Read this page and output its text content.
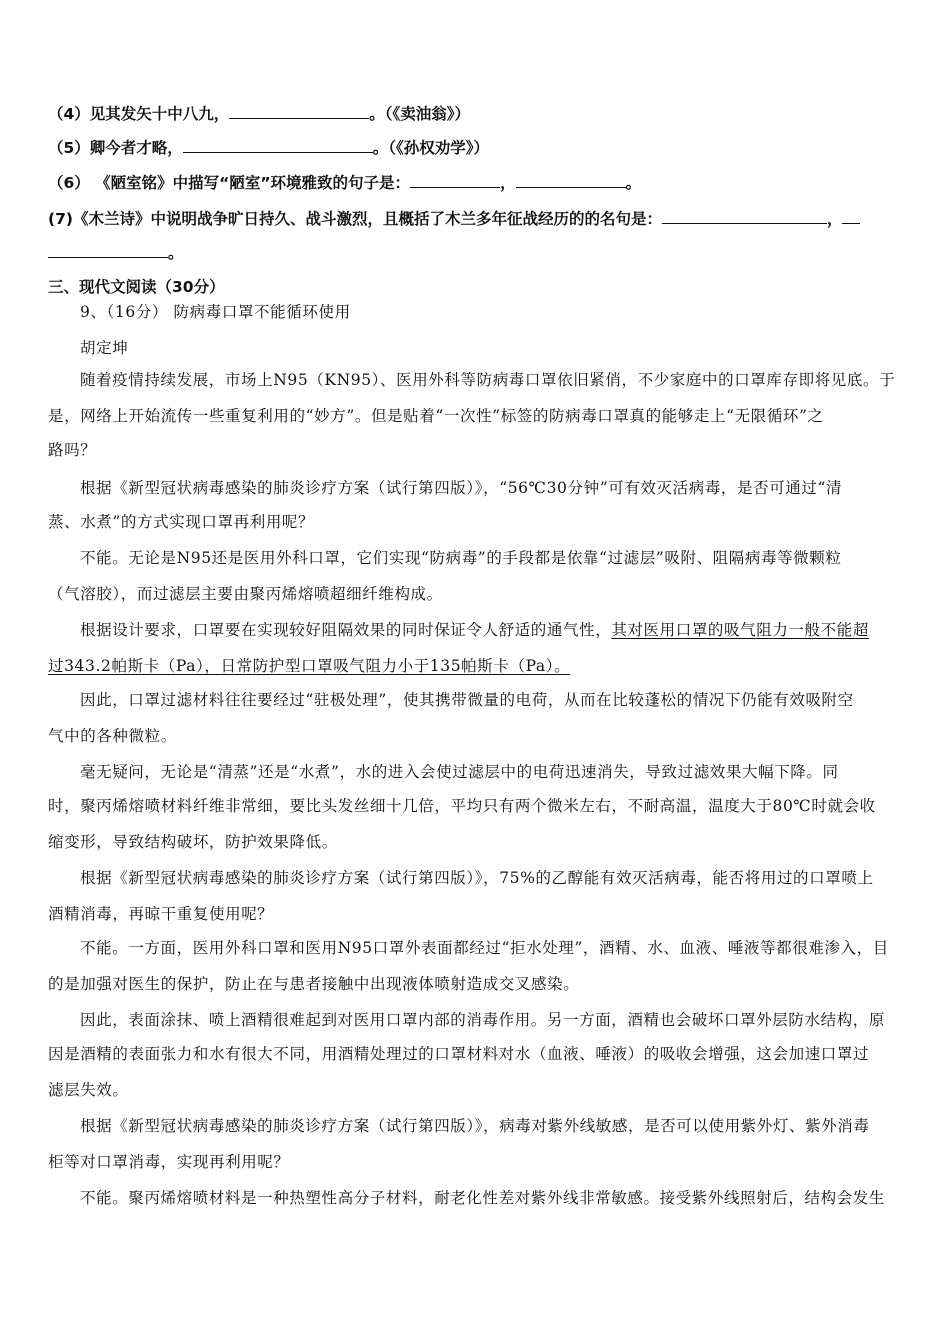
（4）见其发矢十中八九，	。（《卖油翁》）
（5）卿今者才略，	。（《孙权劝学》）
（6） 《陋室铭》中描写“陋室”环境雅致的句子是：	，	。
(7)《木兰诗》中说明战争旷日持久、战斗激烈，且概括了木兰多年征战经历的的名句是：	，
。
三、现代文阅读（30分）
9、（16分） 防病毒口罩不能循环使用
胡定坤
随着疫情持续发展，市场上N95（KN95）、医用外科等防病毒口罩依旧紧俏，不少家庭中的口罩库存即将见底。于
是，网络上开始流传一些重复利用的“妙方”。但是贴着“一次性”标签的防病毒口罩真的能够走上“无限循环”之
路吗？
根据《新型冠状病毒感染的肺炎诊疗方案（试行第四版）》，“56℃30分钟”可有效灭活病毒，是否可通过“清
蒸、水煮”的方式实现口罩再利用呢？
不能。无论是N95还是医用外科口罩，它们实现“防病毒”的手段都是依靠“过滤层”吸附、阻隔病毒等微颗粒
（气溶胶），而过滤层主要由聚丙烯熔喷超细纤维构成。
根据设计要求，口罩要在实现较好阻隔效果的同时保证令人舒适的通气性，其对医用口罩的吸气阻力一般不能超
过343.2帕斯卡（Pa），日常防护型口罩吸气阻力小于135帕斯卡（Pa）。
因此，口罩过滤材料往往要经过“驻极处理”，使其携带微量的电荷，从而在比较蓬松的情况下仍能有效吸附空
气中的各种微粒。
毫无疑问，无论是“清蒸”还是“水煮”，水的进入会使过滤层中的电荷迅速消失，导致过滤效果大幅下降。同
时，聚丙烯熔喷材料纤维非常细，要比头发丝细十几倍，平均只有两个微米左右，不耐高温，温度大于80℃时就会收
缩变形，导致结构破坏，防护效果降低。
根据《新型冠状病毒感染的肺炎诊疗方案（试行第四版）》，75%的乙醇能有效灭活病毒，能否将用过的口罩喷上
酒精消毒，再晾干重复使用呢？
不能。一方面，医用外科口罩和医用N95口罩外表面都经过“拒水处理”，酒精、水、血液、唾液等都很难渗入，目
的是加强对医生的保护，防止在与患者接触中出现液体喷射造成交叉感染。
因此，表面涂抹、喷上酒精很难起到对医用口罩内部的消毒作用。另一方面，酒精也会破坏口罩外层防水结构，原
因是酒精的表面张力和水有很大不同，用酒精处理过的口罩材料对水（血液、唾液）的吸收会增强，这会加速口罩过
滤层失效。
根据《新型冠状病毒感染的肺炎诊疗方案（试行第四版）》，病毒对紫外线敏感，是否可以使用紫外灯、紫外消毒
柜等对口罩消毒，实现再利用呢？
不能。聚丙烯熔喷材料是一种热塑性高分子材料，耐老化性差对紫外线非常敏感。接受紫外线照射后，结构会发生
